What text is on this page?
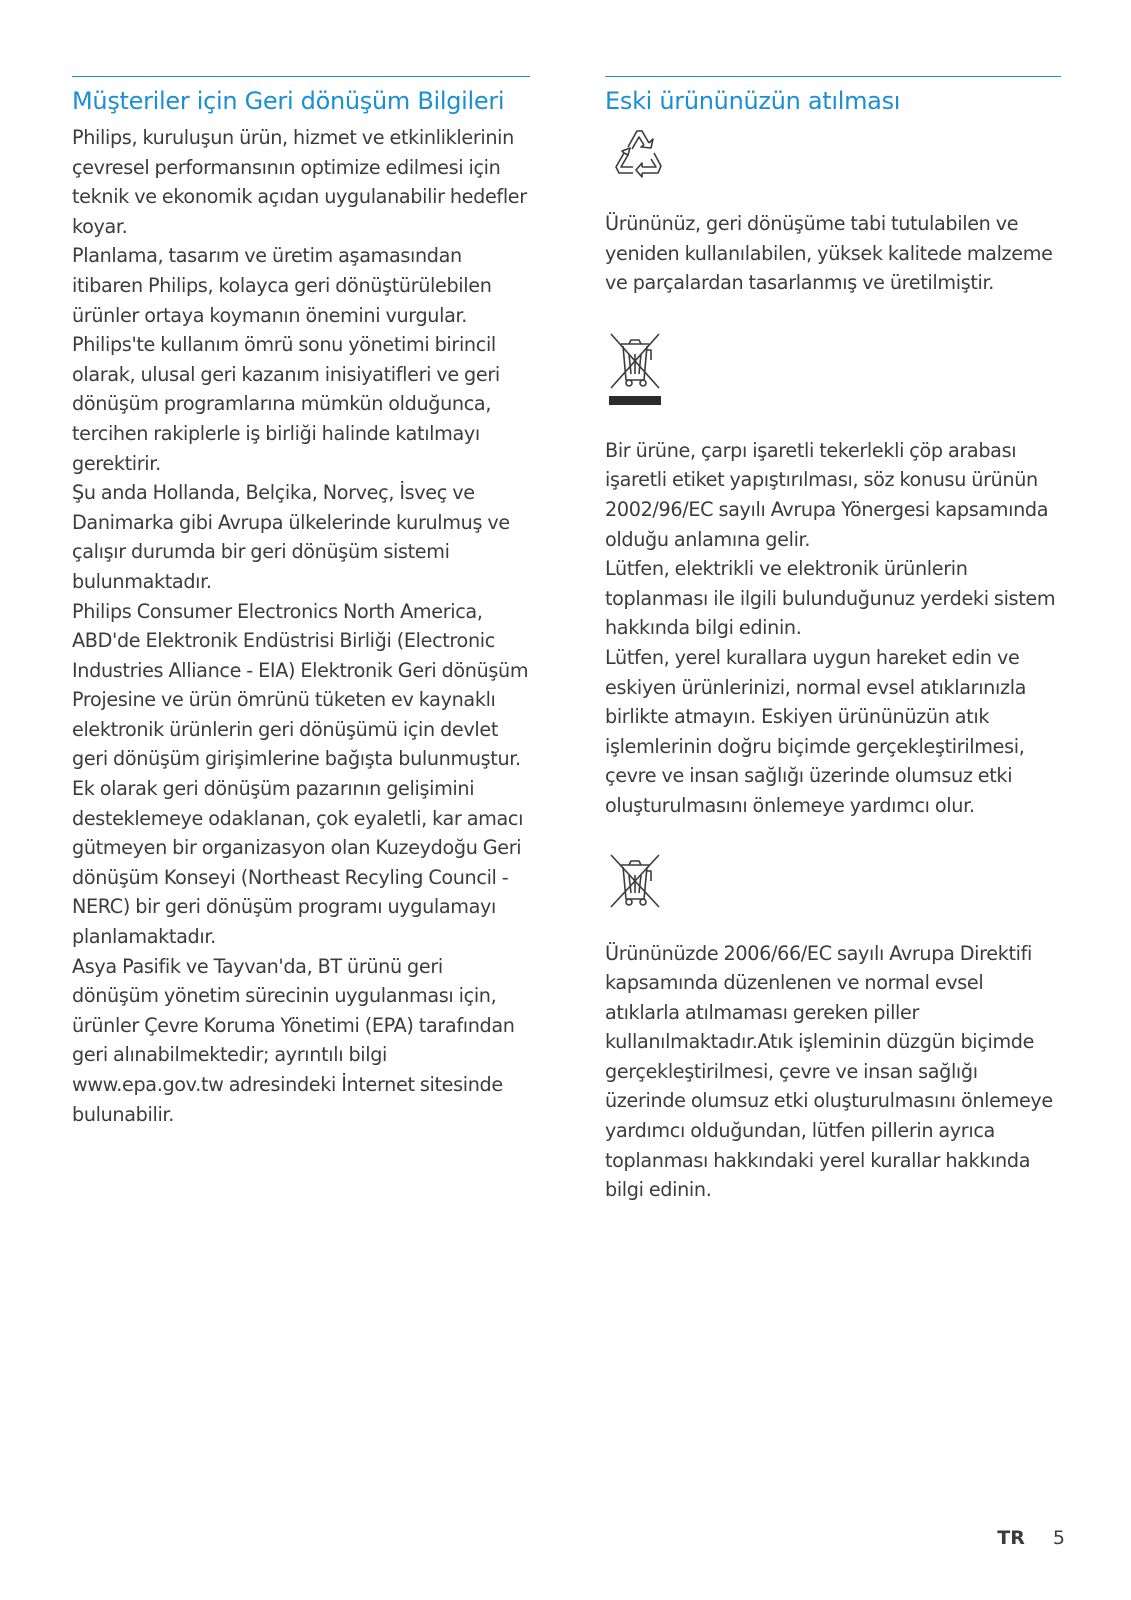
Müşteriler için Geri dönüşüm Bilgileri

Philips, kuruluşun ürün, hizmet ve etkinliklerinin çevresel performansının optimize edilmesi için teknik ve ekonomik açıdan uygulanabilir hedefler koyar.

Planlama, tasarım ve üretim aşamasından itibaren Philips, kolayca geri dönüştürülebilen ürünler ortaya koymanın önemini vurgular. Philips'te kullanım ömrü sonu yönetimi birincil olarak, ulusal geri kazanım inisiyatifleri ve geri dönüşüm programlarına mümkün olduğunca, tercihen rakiplerle iş birliği halinde katılmayı gerektirir.

Şu anda Hollanda, Belçika, Norveç, İsveç ve Danimarka gibi Avrupa ülkelerinde kurulmuş ve çalışır durumda bir geri dönüşüm sistemi bulunmaktadır.

Philips Consumer Electronics North America, ABD'de Elektronik Endüstrisi Birliği (Electronic Industries Alliance - EIA) Elektronik Geri dönüşüm Projesine ve ürün ömrünü tüketen ev kaynaklı elektronik ürünlerin geri dönüşümü için devlet geri dönüşüm girişimlerine bağışta bulunmuştur. Ek olarak geri dönüşüm pazarının gelişimini desteklemeye odaklanan, çok eyaletli, kar amacı gütmeyen bir organizasyon olan Kuzeydoğu Geri dönüşüm Konseyi (Northeast Recyling Council - NERC) bir geri dönüşüm programı uygulamayı planlamaktadır.

Asya Pasifik ve Tayvan'da, BT ürünü geri dönüşüm yönetim sürecinin uygulanması için, ürünler Çevre Koruma Yönetimi (EPA) tarafından geri alınabilmektedir; ayrıntılı bilgi www.epa.gov.tw adresindeki İnternet sitesinde bulunabilir.

Eski ürününüzün atılması

Ürününüz, geri dönüşüme tabi tutulabilen ve yeniden kullanılabilen, yüksek kalitede malzeme ve parçalardan tasarlanmış ve üretilmiştir.

Bir ürüne, çarpı işaretli tekerlekli çöp arabası işaretli etiket yapıştırılması, söz konusu ürünün 2002/96/EC sayılı Avrupa Yönergesi kapsamında olduğu anlamına gelir.

Lütfen, elektrikli ve elektronik ürünlerin toplanması ile ilgili bulunduğunuz yerdeki sistem hakkında bilgi edinin.

Lütfen, yerel kurallara uygun hareket edin ve eskiyen ürünlerinizi, normal evsel atıklarınızla birlikte atmayın. Eskiyen ürününüzün atık işlemlerinin doğru biçimde gerçekleştirilmesi, çevre ve insan sağlığı üzerinde olumsuz etki oluşturulmasını önlemeye yardımcı olur.

Ürününüzde 2006/66/EC sayılı Avrupa Direktifi kapsamında düzenlenen ve normal evsel atıklarla atılmaması gereken piller kullanılmaktadır.Atık işleminin düzgün biçimde gerçekleştirilmesi, çevre ve insan sağlığı üzerinde olumsuz etki oluşturulmasını önlemeye yardımcı olduğundan, lütfen pillerin ayrıca toplanması hakkındaki yerel kurallar hakkında bilgi edinin.

TR 5
